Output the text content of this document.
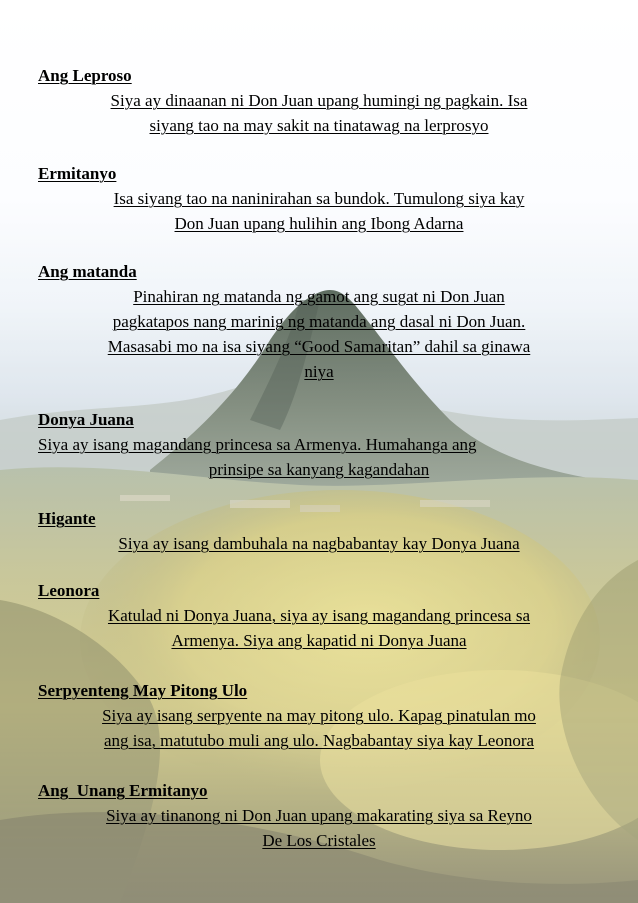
Ang Leproso
Siya ay dinaanan ni Don Juan upang humingi ng pagkain. Isa
siyang tao na may sakit na tinatawag na lerprosyo
Ermitanyo
Isa siyang tao na naninirahan sa bundok. Tumulong siya kay
Don Juan upang hulihin ang Ibong Adarna
Ang matanda
Pinahiran ng matanda ng gamot ang sugat ni Don Juan
pagkatapos nang marinig ng matanda ang dasal ni Don Juan.
Masasabi mo na isa siyang “Good Samaritan” dahil sa ginawa
niya
Donya Juana
Siya ay isang magandang princesa sa Armenya. Humahanga ang
prinsipe sa kanyang kagandahan
Higante
Siya ay isang dambuhala na nagbabantay kay Donya Juana
Leonora
Katulad ni Donya Juana, siya ay isang magandang princesa sa
Armenya. Siya ang kapatid ni Donya Juana
Serpyenteng May Pitong Ulo
Siya ay isang serpyente na may pitong ulo. Kapag pinatulan mo
ang isa, matutubo muli ang ulo. Nagbabantay siya kay Leonora
Ang  Unang Ermitanyo
Siya ay tinanong ni Don Juan upang makarating siya sa Reyno
De Los Cristales
